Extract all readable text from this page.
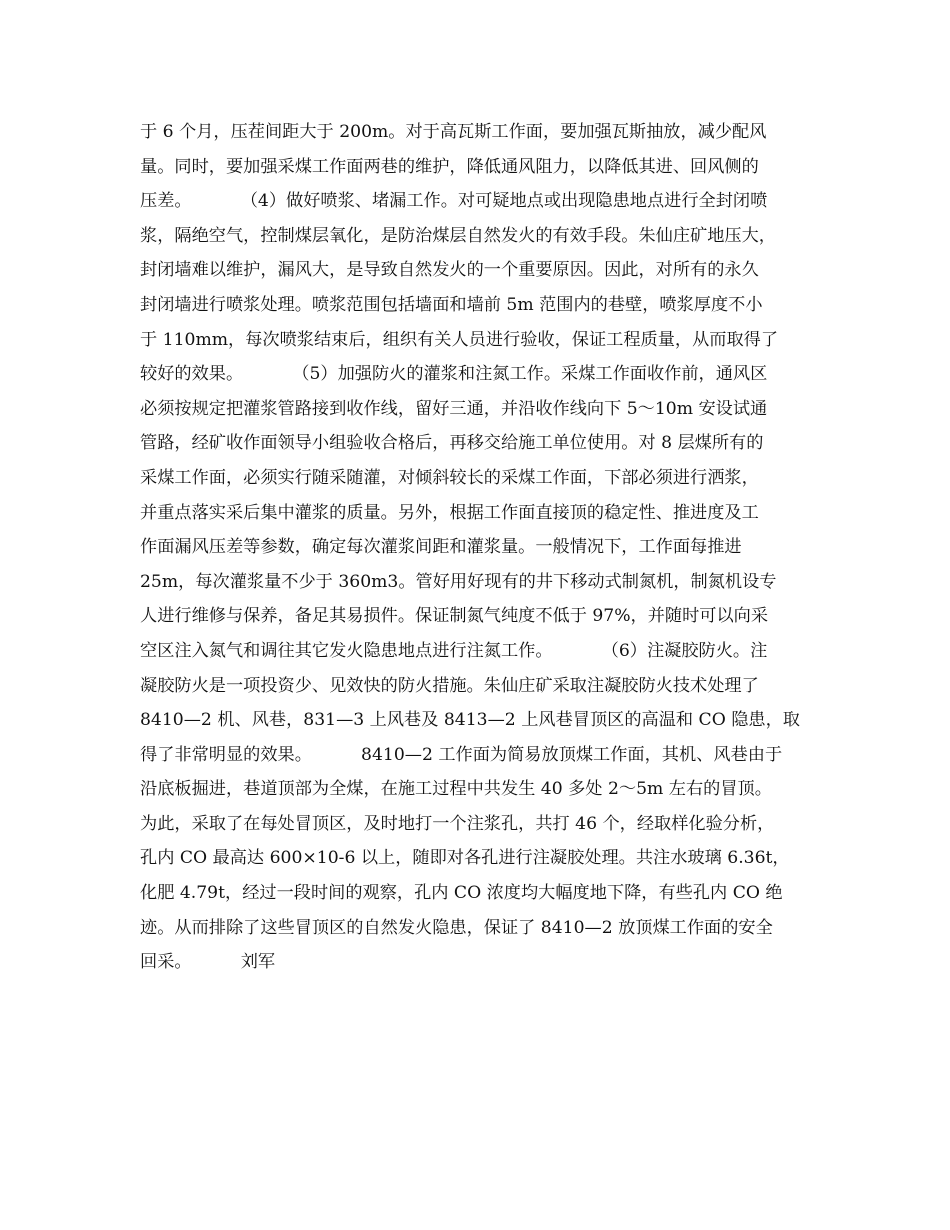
于 6 个月，压茬间距大于 200m。对于高瓦斯工作面，要加强瓦斯抽放，减少配风
量。同时，要加强采煤工作面两巷的维护，降低通风阻力，以降低其进、回风侧的
压差。         （4）做好喷浆、堵漏工作。对可疑地点或出现隐患地点进行全封闭喷
浆，隔绝空气，控制煤层氧化，是防治煤层自然发火的有效手段。朱仙庄矿地压大，
封闭墙难以维护，漏风大，是导致自然发火的一个重要原因。因此，对所有的永久
封闭墙进行喷浆处理。喷浆范围包括墙面和墙前 5m 范围内的巷壁，喷浆厚度不小
于 110mm，每次喷浆结束后，组织有关人员进行验收，保证工程质量，从而取得了
较好的效果。         （5）加强防火的灌浆和注氮工作。采煤工作面收作前，通风区
必须按规定把灌浆管路接到收作线，留好三通，并沿收作线向下 5～10m 安设试通
管路，经矿收作面领导小组验收合格后，再移交给施工单位使用。对 8 层煤所有的
采煤工作面，必须实行随采随灌，对倾斜较长的采煤工作面，下部必须进行洒浆，
并重点落实采后集中灌浆的质量。另外，根据工作面直接顶的稳定性、推进度及工
作面漏风压差等参数，确定每次灌浆间距和灌浆量。一般情况下，工作面每推进
25m，每次灌浆量不少于 360m3。管好用好现有的井下移动式制氮机，制氮机设专
人进行维修与保养，备足其易损件。保证制氮气纯度不低于 97%，并随时可以向采
空区注入氮气和调往其它发火隐患地点进行注氮工作。         （6）注凝胶防火。注
凝胶防火是一项投资少、见效快的防火措施。朱仙庄矿采取注凝胶防火技术处理了
8410—2 机、风巷，831—3 上风巷及 8413—2 上风巷冒顶区的高温和 CO 隐患，取
得了非常明显的效果。         8410—2 工作面为简易放顶煤工作面，其机、风巷由于
沿底板掘进，巷道顶部为全煤，在施工过程中共发生 40 多处 2～5m 左右的冒顶。
为此，采取了在每处冒顶区，及时地打一个注浆孔，共打 46 个，经取样化验分析，
孔内 CO 最高达 600×10-6 以上，随即对各孔进行注凝胶处理。共注水玻璃 6.36t，
化肥 4.79t，经过一段时间的观察，孔内 CO 浓度均大幅度地下降，有些孔内 CO 绝
迹。从而排除了这些冒顶区的自然发火隐患，保证了 8410—2 放顶煤工作面的安全
回采。         刘军
